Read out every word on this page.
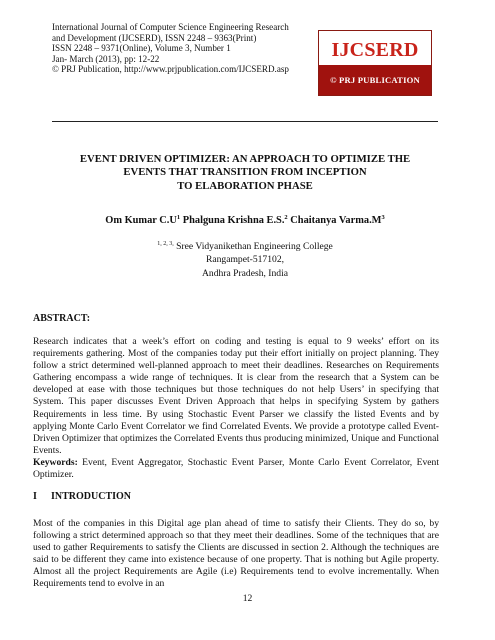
International Journal of Computer Science Engineering Research
and Development (IJCSERD), ISSN 2248 – 9363(Print)
ISSN 2248 – 9371(Online), Volume 3, Number 1
Jan- March (2013), pp: 12-22
© PRJ Publication, http://www.prjpublication.com/IJCSERD.asp
IJCSERD
© PRJ PUBLICATION
EVENT DRIVEN OPTIMIZER: AN APPROACH TO OPTIMIZE THE
EVENTS THAT TRANSITION FROM INCEPTION
TO ELABORATION PHASE
Om Kumar $C.U^1$ Phalguna Krishna E.S.$^2$ Chaitanya $Varma.M^3$
$^{1, 2, 3,}$ Sree Vidyanikethan Engineering College
Rangampet-517102,
Andhra Pradesh, India
ABSTRACT:
Research indicates that a week’s effort on coding and testing is equal to 9 weeks’ effort on its requirements gathering. Most of the companies today put their effort initially on project planning. They follow a strict determined well-planned approach to meet their deadlines. Researches on Requirements Gathering encompass a wide range of techniques. It is clear from the research that a System can be developed at ease with those techniques but those techniques do not help Users’ in specifying that System. This paper discusses Event Driven Approach that helps in specifying System by gathers Requirements in less time. By using Stochastic Event Parser we classify the listed Events and by applying Monte Carlo Event Correlator we find Correlated Events. We provide a prototype called Event-Driven Optimizer that optimizes the Correlated Events thus producing minimized, Unique and Functional Events.
Keywords: Event, Event Aggregator, Stochastic Event Parser, Monte Carlo Event Correlator, Event Optimizer.
I INTRODUCTION
Most of the companies in this Digital age plan ahead of time to satisfy their Clients. They do so, by following a strict determined approach so that they meet their deadlines. Some of the techniques that are used to gather Requirements to satisfy the Clients are discussed in section 2. Although the techniques are said to be different they came into existence because of one property. That is nothing but Agile property. Almost all the project Requirements are Agile (i.e) Requirements tend to evolve incrementally. When Requirements tend to evolve in an
12
